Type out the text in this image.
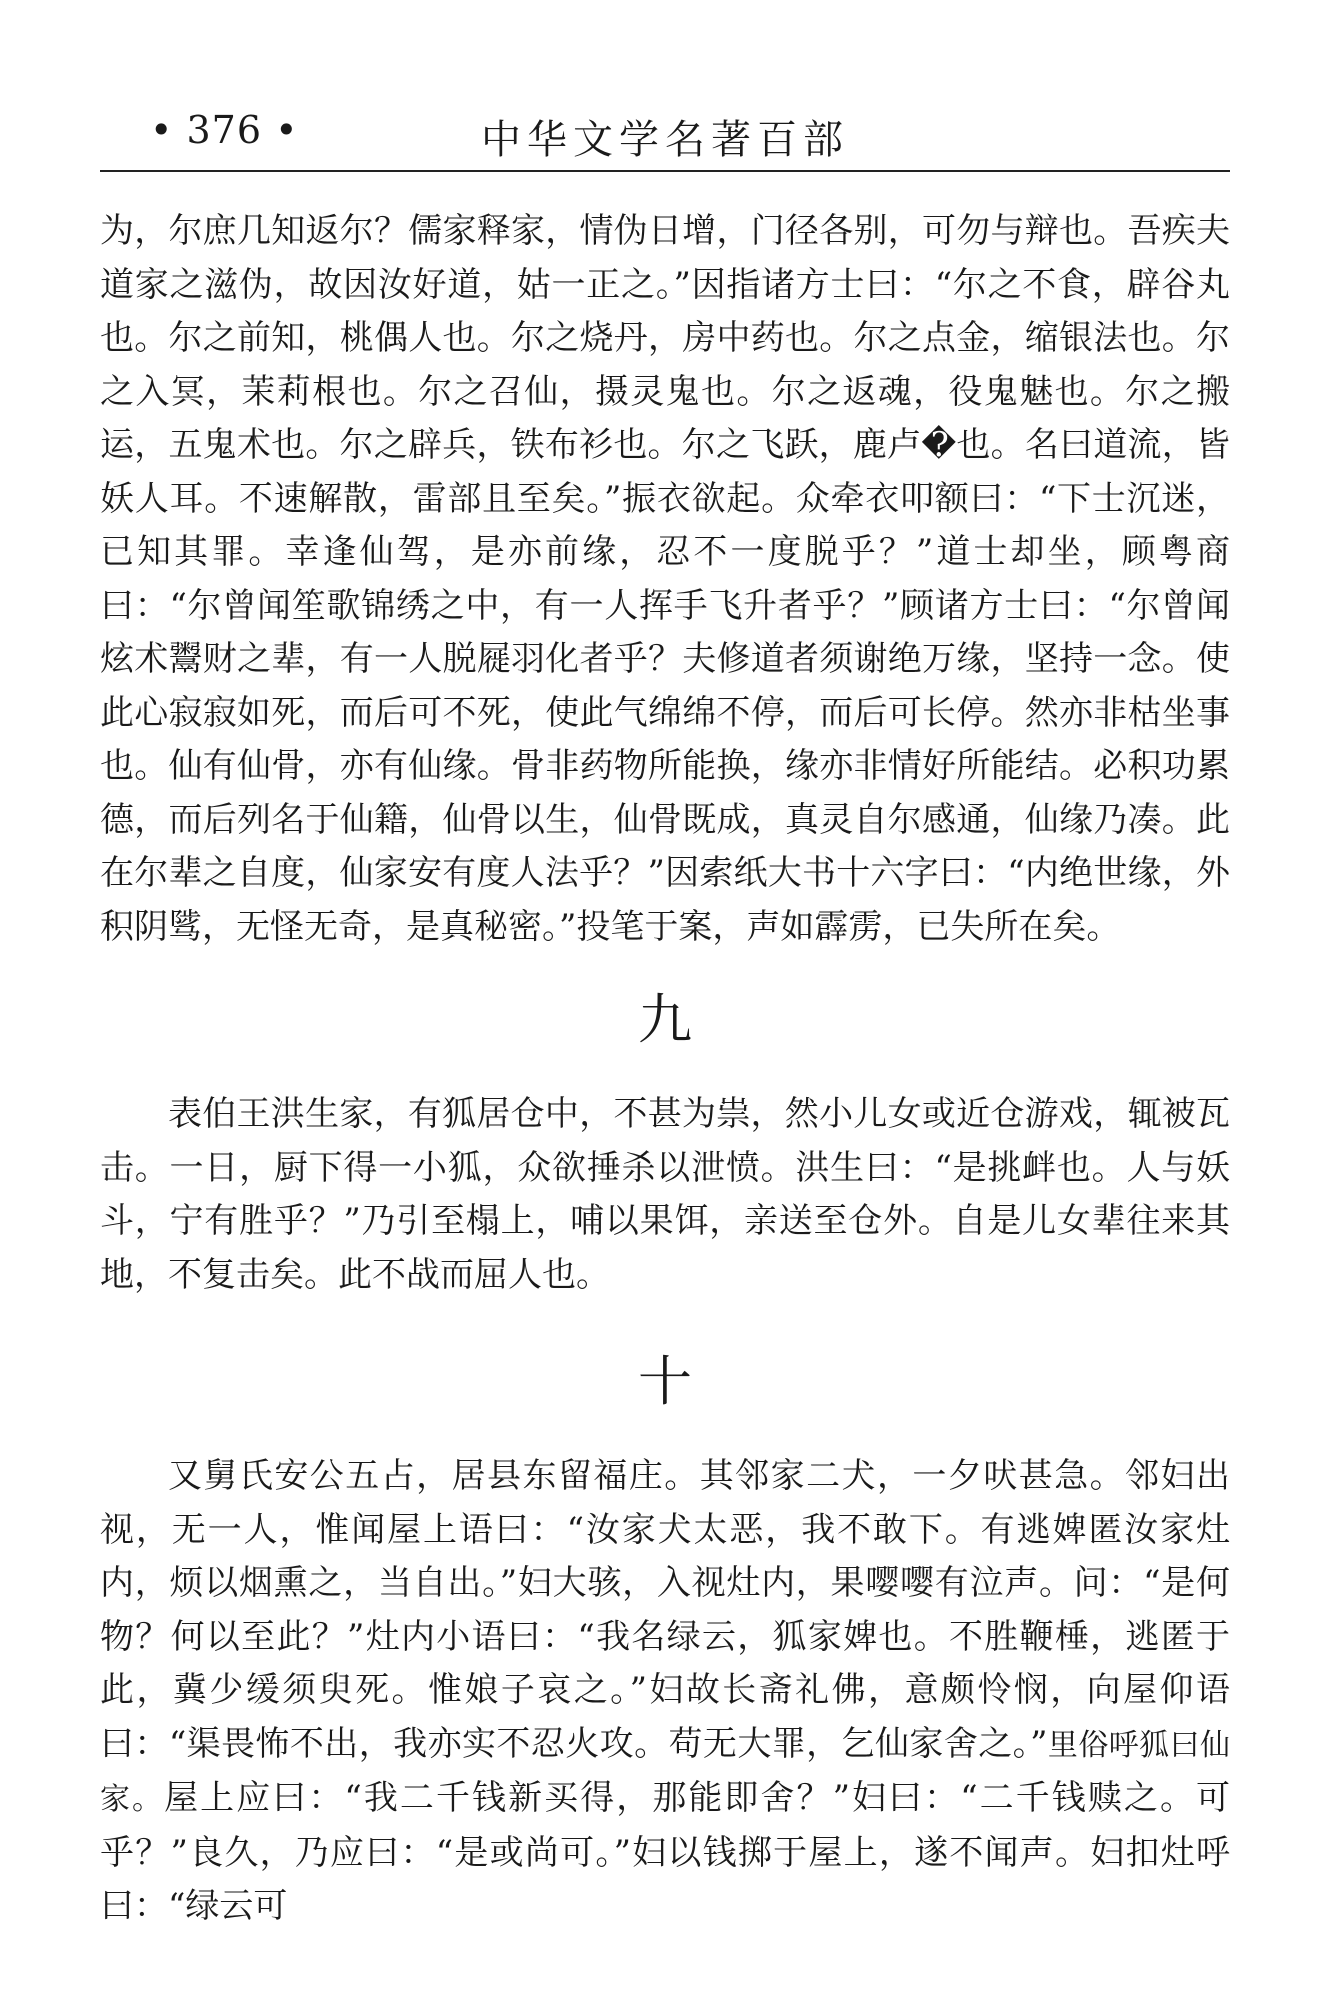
• 376 •	中华文学名著百部

为，尔庶几知返尔？儒家释家，情伪日增，门径各别，可勿与辩也。吾疾夫道家之滋伪，故因汝好道，姑一正之。”因指诸方士曰：“尔之不食，辟谷丸也。尔之前知，桃偶人也。尔之烧丹，房中药也。尔之点金，缩银法也。尔之入冥，茉莉根也。尔之召仙，摄灵鬼也。尔之返魂，役鬼魅也。尔之搬运，五鬼术也。尔之辟兵，铁布衫也。尔之飞跃，鹿卢�也。名曰道流，皆妖人耳。不速解散，雷部且至矣。”振衣欲起。众牵衣叩额曰：“下士沉迷，已知其罪。幸逢仙驾，是亦前缘，忍不一度脱乎？”道士却坐，顾粤商曰：“尔曾闻笙歌锦绣之中，有一人挥手飞升者乎？”顾诸方士曰：“尔曾闻炫术鬻财之辈，有一人脱屣羽化者乎？夫修道者须谢绝万缘，坚持一念。使此心寂寂如死，而后可不死，使此气绵绵不停，而后可长停。然亦非枯坐事也。仙有仙骨，亦有仙缘。骨非药物所能换，缘亦非情好所能结。必积功累德，而后列名于仙籍，仙骨以生，仙骨既成，真灵自尔感通，仙缘乃凑。此在尔辈之自度，仙家安有度人法乎？”因索纸大书十六字曰：“内绝世缘，外积阴骘，无怪无奇，是真秘密。”投笔于案，声如霹雳，已失所在矣。

九

表伯王洪生家，有狐居仓中，不甚为祟，然小儿女或近仓游戏，辄被瓦击。一日，厨下得一小狐，众欲捶杀以泄愤。洪生曰：“是挑衅也。人与妖斗，宁有胜乎？”乃引至榻上，哺以果饵，亲送至仓外。自是儿女辈往来其地，不复击矣。此不战而屈人也。

十

又舅氏安公五占，居县东留福庄。其邻家二犬，一夕吠甚急。邻妇出视，无一人，惟闻屋上语曰：“汝家犬太恶，我不敢下。有逃婢匿汝家灶内，烦以烟熏之，当自出。”妇大骇，入视灶内，果嘤嘤有泣声。问：“是何物？何以至此？”灶内小语曰：“我名绿云，狐家婢也。不胜鞭棰，逃匿于此，冀少缓须臾死。惟娘子哀之。”妇故长斋礼佛，意颇怜悯，向屋仰语曰：“渠畏怖不出，我亦实不忍火攻。苟无大罪，乞仙家舍之。”里俗呼狐曰仙家。屋上应曰：“我二千钱新买得，那能即舍？”妇曰：“二千钱赎之。可乎？”良久，乃应曰：“是或尚可。”妇以钱掷于屋上，遂不闻声。妇扣灶呼曰：“绿云可
